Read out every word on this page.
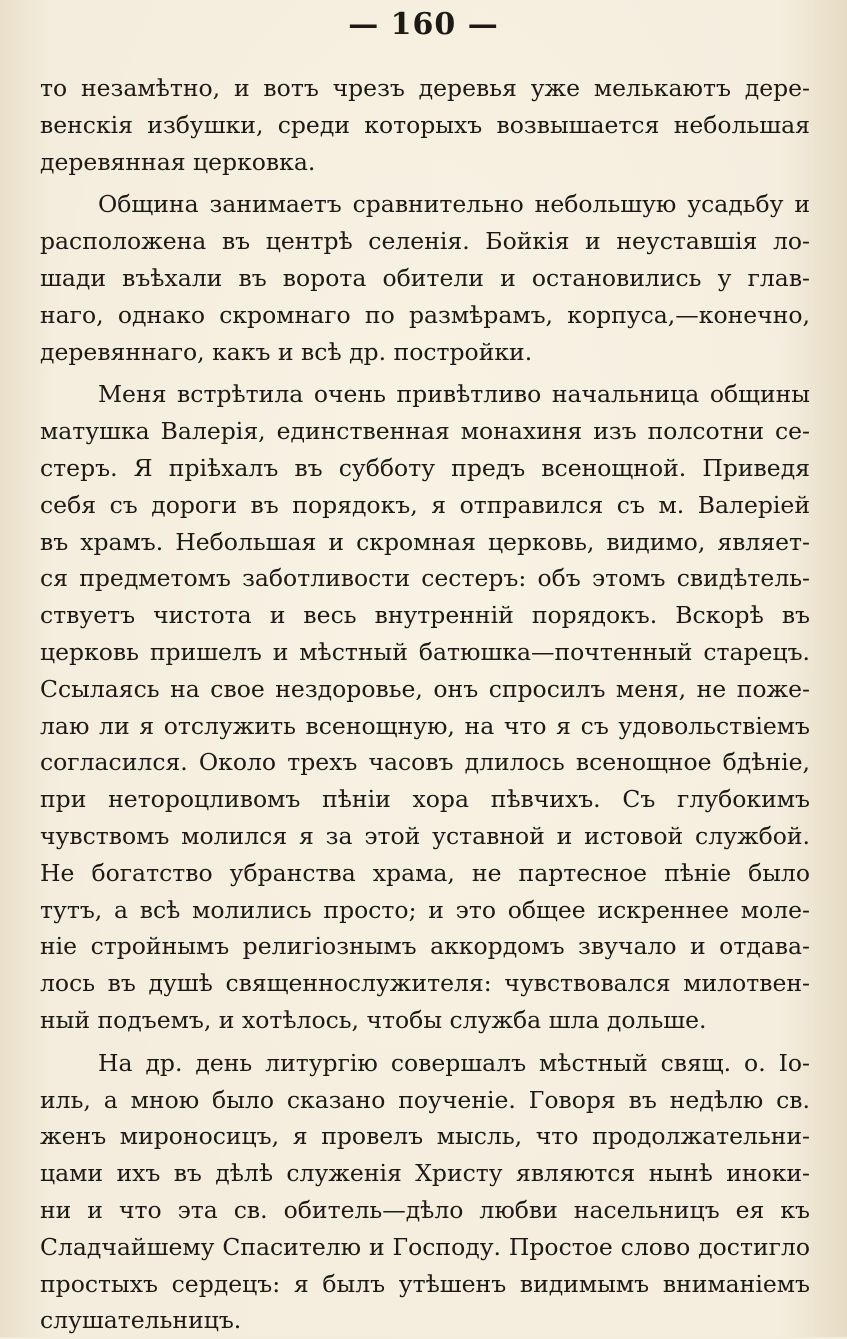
— 160 —
то незамѣтно, и вотъ чрезъ деревья уже мелькаютъ дере-
венскія избушки, среди которыхъ возвышается небольшая
деревянная церковка.
Община занимаетъ сравнительно небольшую усадьбу и
расположена въ центрѣ селенія. Бойкія и неуставшія ло-
шади въѣхали въ ворота обители и остановились у глав-
наго, однако скромнаго по размѣрамъ, корпуса,—конечно,
деревяннаго, какъ и всѣ др. постройки.
Меня встрѣтила очень привѣтливо начальница общины
матушка Валерія, единственная монахиня изъ полсотни се-
стеръ. Я пріѣхалъ въ субботу предъ всенощной. Приведя
себя съ дороги въ порядокъ, я отправился съ м. Валеріей
въ храмъ. Небольшая и скромная церковь, видимо, являет-
ся предметомъ заботливости сестеръ: объ этомъ свидѣтель-
ствуетъ чистота и весь внутренній порядокъ. Вскорѣ въ
церковь пришелъ и мѣстный батюшка—почтенный старецъ.
Ссылаясь на свое нездоровье, онъ спросилъ меня, не поже-
лаю ли я отслужить всенощную, на что я съ удовольствіемъ
согласился. Около трехъ часовъ длилось всенощное бдѣніе,
при нетороцливомъ пѣніи хора пѣвчихъ. Съ глубокимъ
чувствомъ молился я за этой уставной и истовой службой.
Не богатство убранства храма, не партесное пѣніе было
тутъ, а всѣ молились просто; и это общее искреннее моле-
ніе стройнымъ религіознымъ аккордомъ звучало и отдава-
лось въ душѣ священнослужителя: чувствовался милотвен-
ный подъемъ, и хотѣлось, чтобы служба шла дольше.
На др. день литургію совершалъ мѣстный свящ. о. Іо-
иль, а мною было сказано поученіе. Говоря въ недѣлю св.
женъ мироносицъ, я провелъ мысль, что продолжательни-
цами ихъ въ дѣлѣ служенія Христу являются нынѣ иноки-
ни и что эта св. обитель—дѣло любви насельницъ ея къ
Сладчайшему Спасителю и Господу. Простое слово достигло
простыхъ сердецъ: я былъ утѣшенъ видимымъ вниманіемъ
слушательницъ.
